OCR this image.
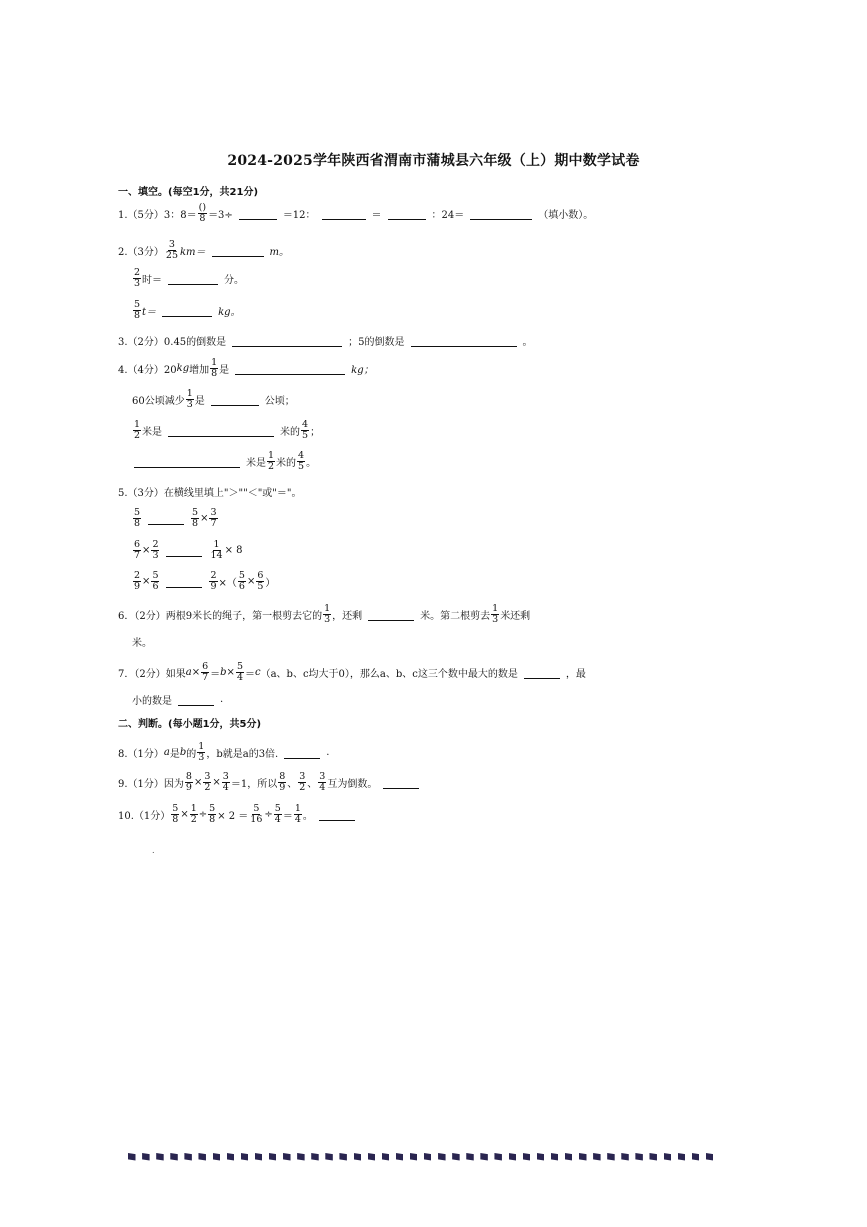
2024-2025学年陕西省渭南市蒲城县六年级（上）期中数学试卷
一、填空。(每空1分，共21分)
1.（5分）3：$8= \frac{()}{8} =3\div$	＝12：	＝	：24＝	（填小数）。
2.（3分） $\frac{3}{25} km=$	m。
$\frac{2}{3}$ 时＝	分。
$\frac{5}{8} t=$	kg。
3.（2分）0.45的倒数是	；5的倒数是	。
4.（4分）20 kg 增加 $\frac{1}{8}$ 是	kg；
60公顷减少 $\frac{1}{3}$ 是	公顷；
$\frac{1}{2}$ 米是	米的 $\frac{4}{5}$ ；
米是 $\frac{1}{2}$ 米的 $\frac{4}{5}$ 。
5.（3分）在横线里填上"＞""＜"或"＝"。
$\frac{5}{8}$	$\frac{5}{8} \times \frac{3}{7}$
$\frac{6}{7} \times \frac{2}{3}$	$\frac{1}{14} \times 8$
$\frac{2}{9} \times \frac{5}{6}$	$\frac{2}{9}$ ×（ $\frac{5}{6} \times \frac{6}{5}$ ）
6．（2分）两根9米长的绳子，第一根剪去它的 $\frac{1}{3}$ ，还剩	米。第二根剪去 $\frac{1}{3}$ 米还剩
米。
7．（2分）如果 $a \times \frac{6}{7} = b \times \frac{5}{4} = c$ （a、b、c均大于0），那么a、b、c这三个数中最大的数是	，最
小的数是	.
二、判断。(每小题1分，共5分)
8.（1分） a 是 b 的 $\frac{1}{3}$ ，b就是a的3倍.	.
9.（1分）因为 $\frac{8}{9} \times \frac{3}{2} \times \frac{3}{4} =1$，所以 $\frac{8}{9}$ 、 $\frac{3}{2}$ 、 $\frac{3}{4}$ 互为倒数。
10.（1分） $\frac{5}{8} \times \frac{1}{2} \div \frac{5}{8} \times 2 = \frac{5}{16} \div \frac{5}{4} = \frac{1}{4}$ 。
.
